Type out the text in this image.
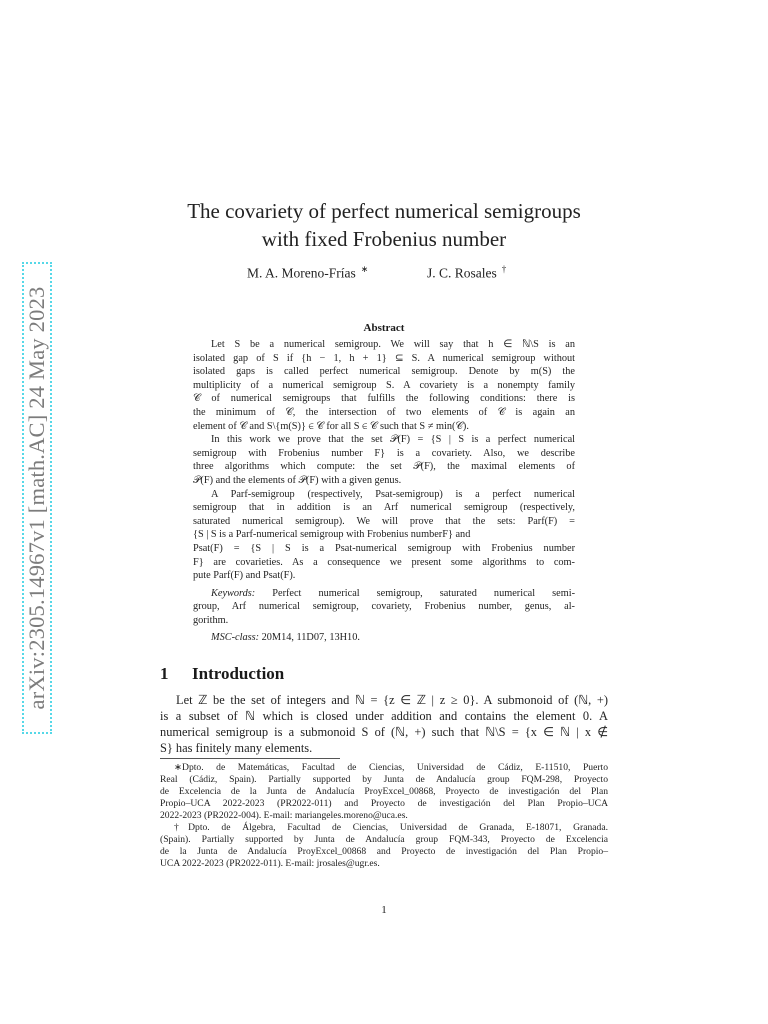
arXiv:2305.14967v1 [math.AC] 24 May 2023
The covariety of perfect numerical semigroups
with fixed Frobenius number
M. A. Moreno-Frías ∗	J. C. Rosales †
Abstract
Let S be a numerical semigroup. We will say that h ∈ ℕ\S is an
isolated gap of S if {h − 1, h + 1} ⊆ S. A numerical semigroup without
isolated gaps is called perfect numerical semigroup. Denote by m(S) the
multiplicity of a numerical semigroup S. A covariety is a nonempty family
𝒞 of numerical semigroups that fulfills the following conditions: there is
the minimum of 𝒞, the intersection of two elements of 𝒞 is again an
element of 𝒞 and S\{m(S)} ∈ 𝒞 for all S ∈ 𝒞 such that S ≠ min(𝒞).
In this work we prove that the set 𝒫(F) = {S | S is a perfect numerical
semigroup with Frobenius number F} is a covariety. Also, we describe
three algorithms which compute: the set 𝒫(F), the maximal elements of
𝒫(F) and the elements of 𝒫(F) with a given genus.
A Parf-semigroup (respectively, Psat-semigroup) is a perfect numerical
semigroup that in addition is an Arf numerical semigroup (respectively,
saturated numerical semigroup). We will prove that the sets: Parf(F) =
{S | S is a Parf-numerical semigroup with Frobenius numberF} and
Psat(F) = {S | S is a Psat-numerical semigroup with Frobenius number
F} are covarieties. As a consequence we present some algorithms to com-
pute Parf(F) and Psat(F).
Keywords: Perfect numerical semigroup, saturated numerical semi-
group, Arf numerical semigroup, covariety, Frobenius number, genus, al-
gorithm.
MSC-class: 20M14, 11D07, 13H10.
1 Introduction
Let ℤ be the set of integers and ℕ = {z ∈ ℤ | z ≥ 0}. A submonoid of (ℕ, +)
is a subset of ℕ which is closed under addition and contains the element 0. A
numerical semigroup is a submonoid S of (ℕ, +) such that ℕ\S = {x ∈ ℕ | x ∉
S} has finitely many elements.
∗Dpto. de Matemáticas, Facultad de Ciencias, Universidad de Cádiz, E-11510, Puerto
Real (Cádiz, Spain). Partially supported by Junta de Andalucía group FQM-298, Proyecto
de Excelencia de la Junta de Andalucía ProyExcel_00868, Proyecto de investigación del Plan
Propio–UCA 2022-2023 (PR2022-011) and Proyecto de investigación del Plan Propio–UCA
2022-2023 (PR2022-004). E-mail: mariangeles.moreno@uca.es.
†Dpto. de Álgebra, Facultad de Ciencias, Universidad de Granada, E-18071, Granada.
(Spain). Partially supported by Junta de Andalucía group FQM-343, Proyecto de Excelencia
de la Junta de Andalucía ProyExcel_00868 and Proyecto de investigación del Plan Propio–
UCA 2022-2023 (PR2022-011). E-mail: jrosales@ugr.es.
1
